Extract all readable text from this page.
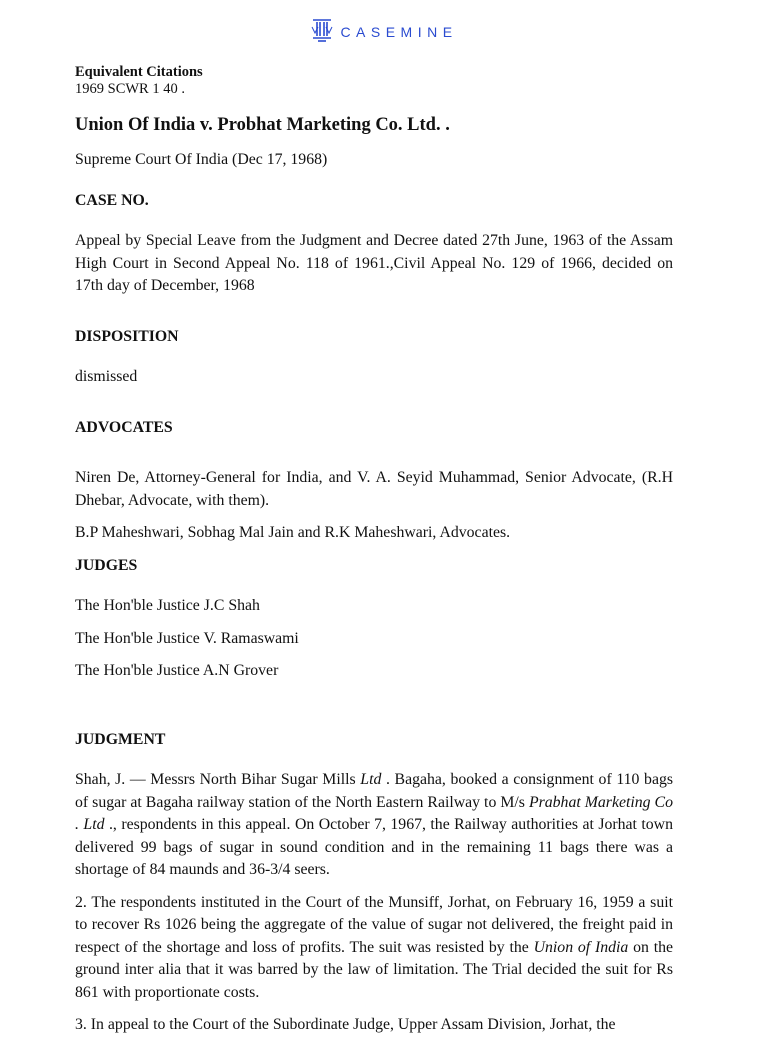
CASEMINE

Equivalent Citations

1969 SCWR 1 40 .

Union Of India v. Probhat Marketing Co. Ltd. .

Supreme Court Of India (Dec 17, 1968)

CASE NO.

Appeal by Special Leave from the Judgment and Decree dated 27th June, 1963 of the Assam High Court in Second Appeal No. 118 of 1961.,Civil Appeal No. 129 of 1966, decided on 17th day of December, 1968

DISPOSITION

dismissed

ADVOCATES

Niren De, Attorney-General for India, and V. A. Seyid Muhammad, Senior Advocate, (R.H Dhebar, Advocate, with them).

B.P Maheshwari, Sobhag Mal Jain and R.K Maheshwari, Advocates.

JUDGES

The Hon'ble Justice J.C Shah

The Hon'ble Justice V. Ramaswami

The Hon'ble Justice A.N Grover

JUDGMENT

Shah, J. — Messrs North Bihar Sugar Mills Ltd . Bagaha, booked a consignment of 110 bags of sugar at Bagaha railway station of the North Eastern Railway to M/s Prabhat Marketing Co . Ltd ., respondents in this appeal. On October 7, 1967, the Railway authorities at Jorhat town delivered 99 bags of sugar in sound condition and in the remaining 11 bags there was a shortage of 84 maunds and 36-3/4 seers.

2. The respondents instituted in the Court of the Munsiff, Jorhat, on February 16, 1959 a suit to recover Rs 1026 being the aggregate of the value of sugar not delivered, the freight paid in respect of the shortage and loss of profits. The suit was resisted by the Union of India on the ground inter alia that it was barred by the law of limitation. The Trial decided the suit for Rs 861 with proportionate costs.

3. In appeal to the Court of the Subordinate Judge, Upper Assam Division, Jorhat, the
